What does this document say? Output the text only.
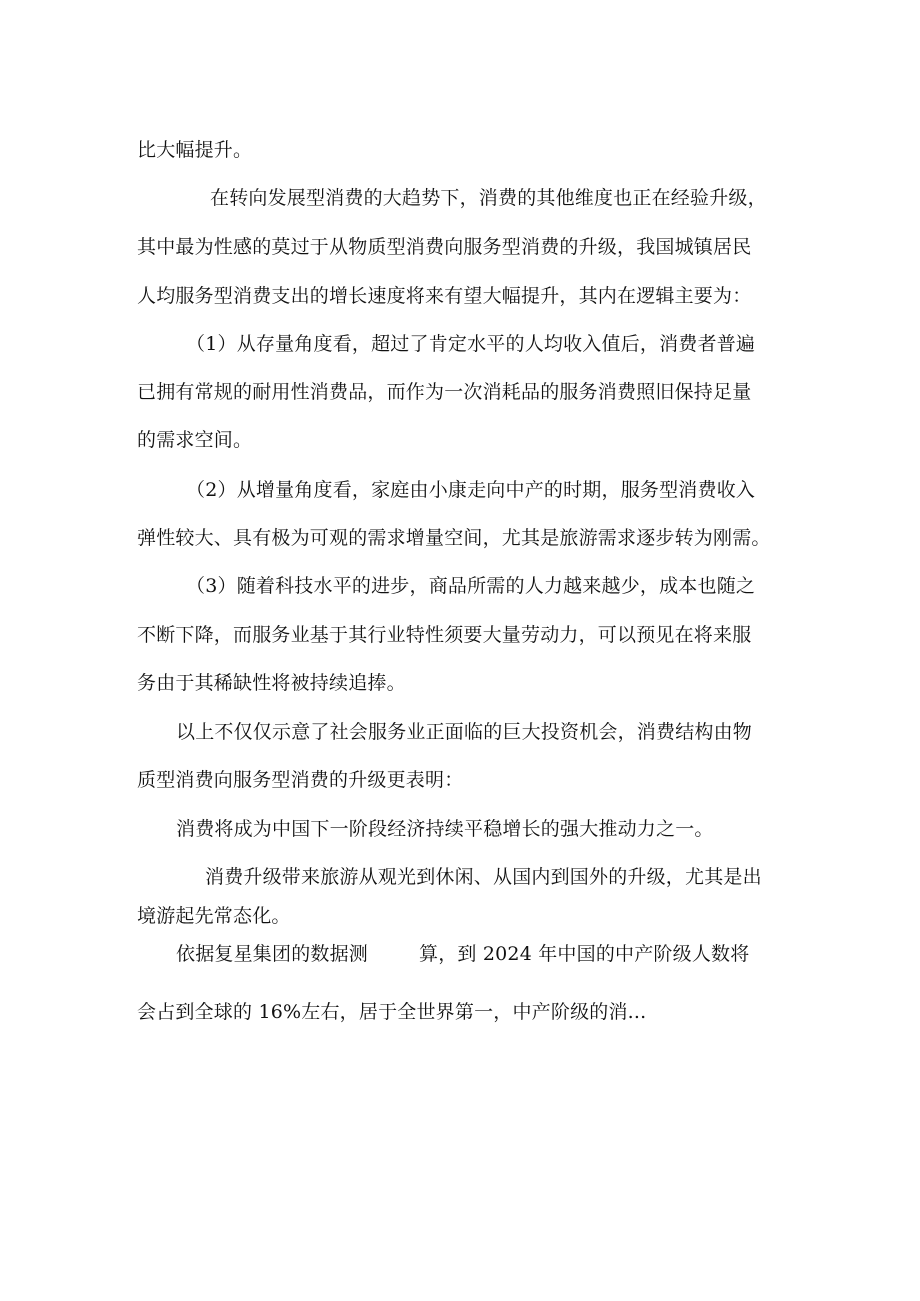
比大幅提升。
在转向发展型消费的大趋势下，消费的其他维度也正在经验升级，
其中最为性感的莫过于从物质型消费向服务型消费的升级，我国城镇居民
人均服务型消费支出的增长速度将来有望大幅提升，其内在逻辑主要为：
（1）从存量角度看，超过了肯定水平的人均收入值后，消费者普遍
已拥有常规的耐用性消费品，而作为一次消耗品的服务消费照旧保持足量
的需求空间。
（2）从增量角度看，家庭由小康走向中产的时期，服务型消费收入
弹性较大、具有极为可观的需求增量空间，尤其是旅游需求逐步转为刚需。
（3）随着科技水平的进步，商品所需的人力越来越少，成本也随之
不断下降，而服务业基于其行业特性须要大量劳动力，可以预见在将来服
务由于其稀缺性将被持续追捧。
以上不仅仅示意了社会服务业正面临的巨大投资机会，消费结构由物
质型消费向服务型消费的升级更表明：
消费将成为中国下一阶段经济持续平稳增长的强大推动力之一。
消费升级带来旅游从观光到休闲、从国内到国外的升级，尤其是出
境游起先常态化。
依据复星集团的数据测	算，到 2024 年中国的中产阶级人数将
会占到全球的 16%左右，居于全世界第一，中产阶级的消...
